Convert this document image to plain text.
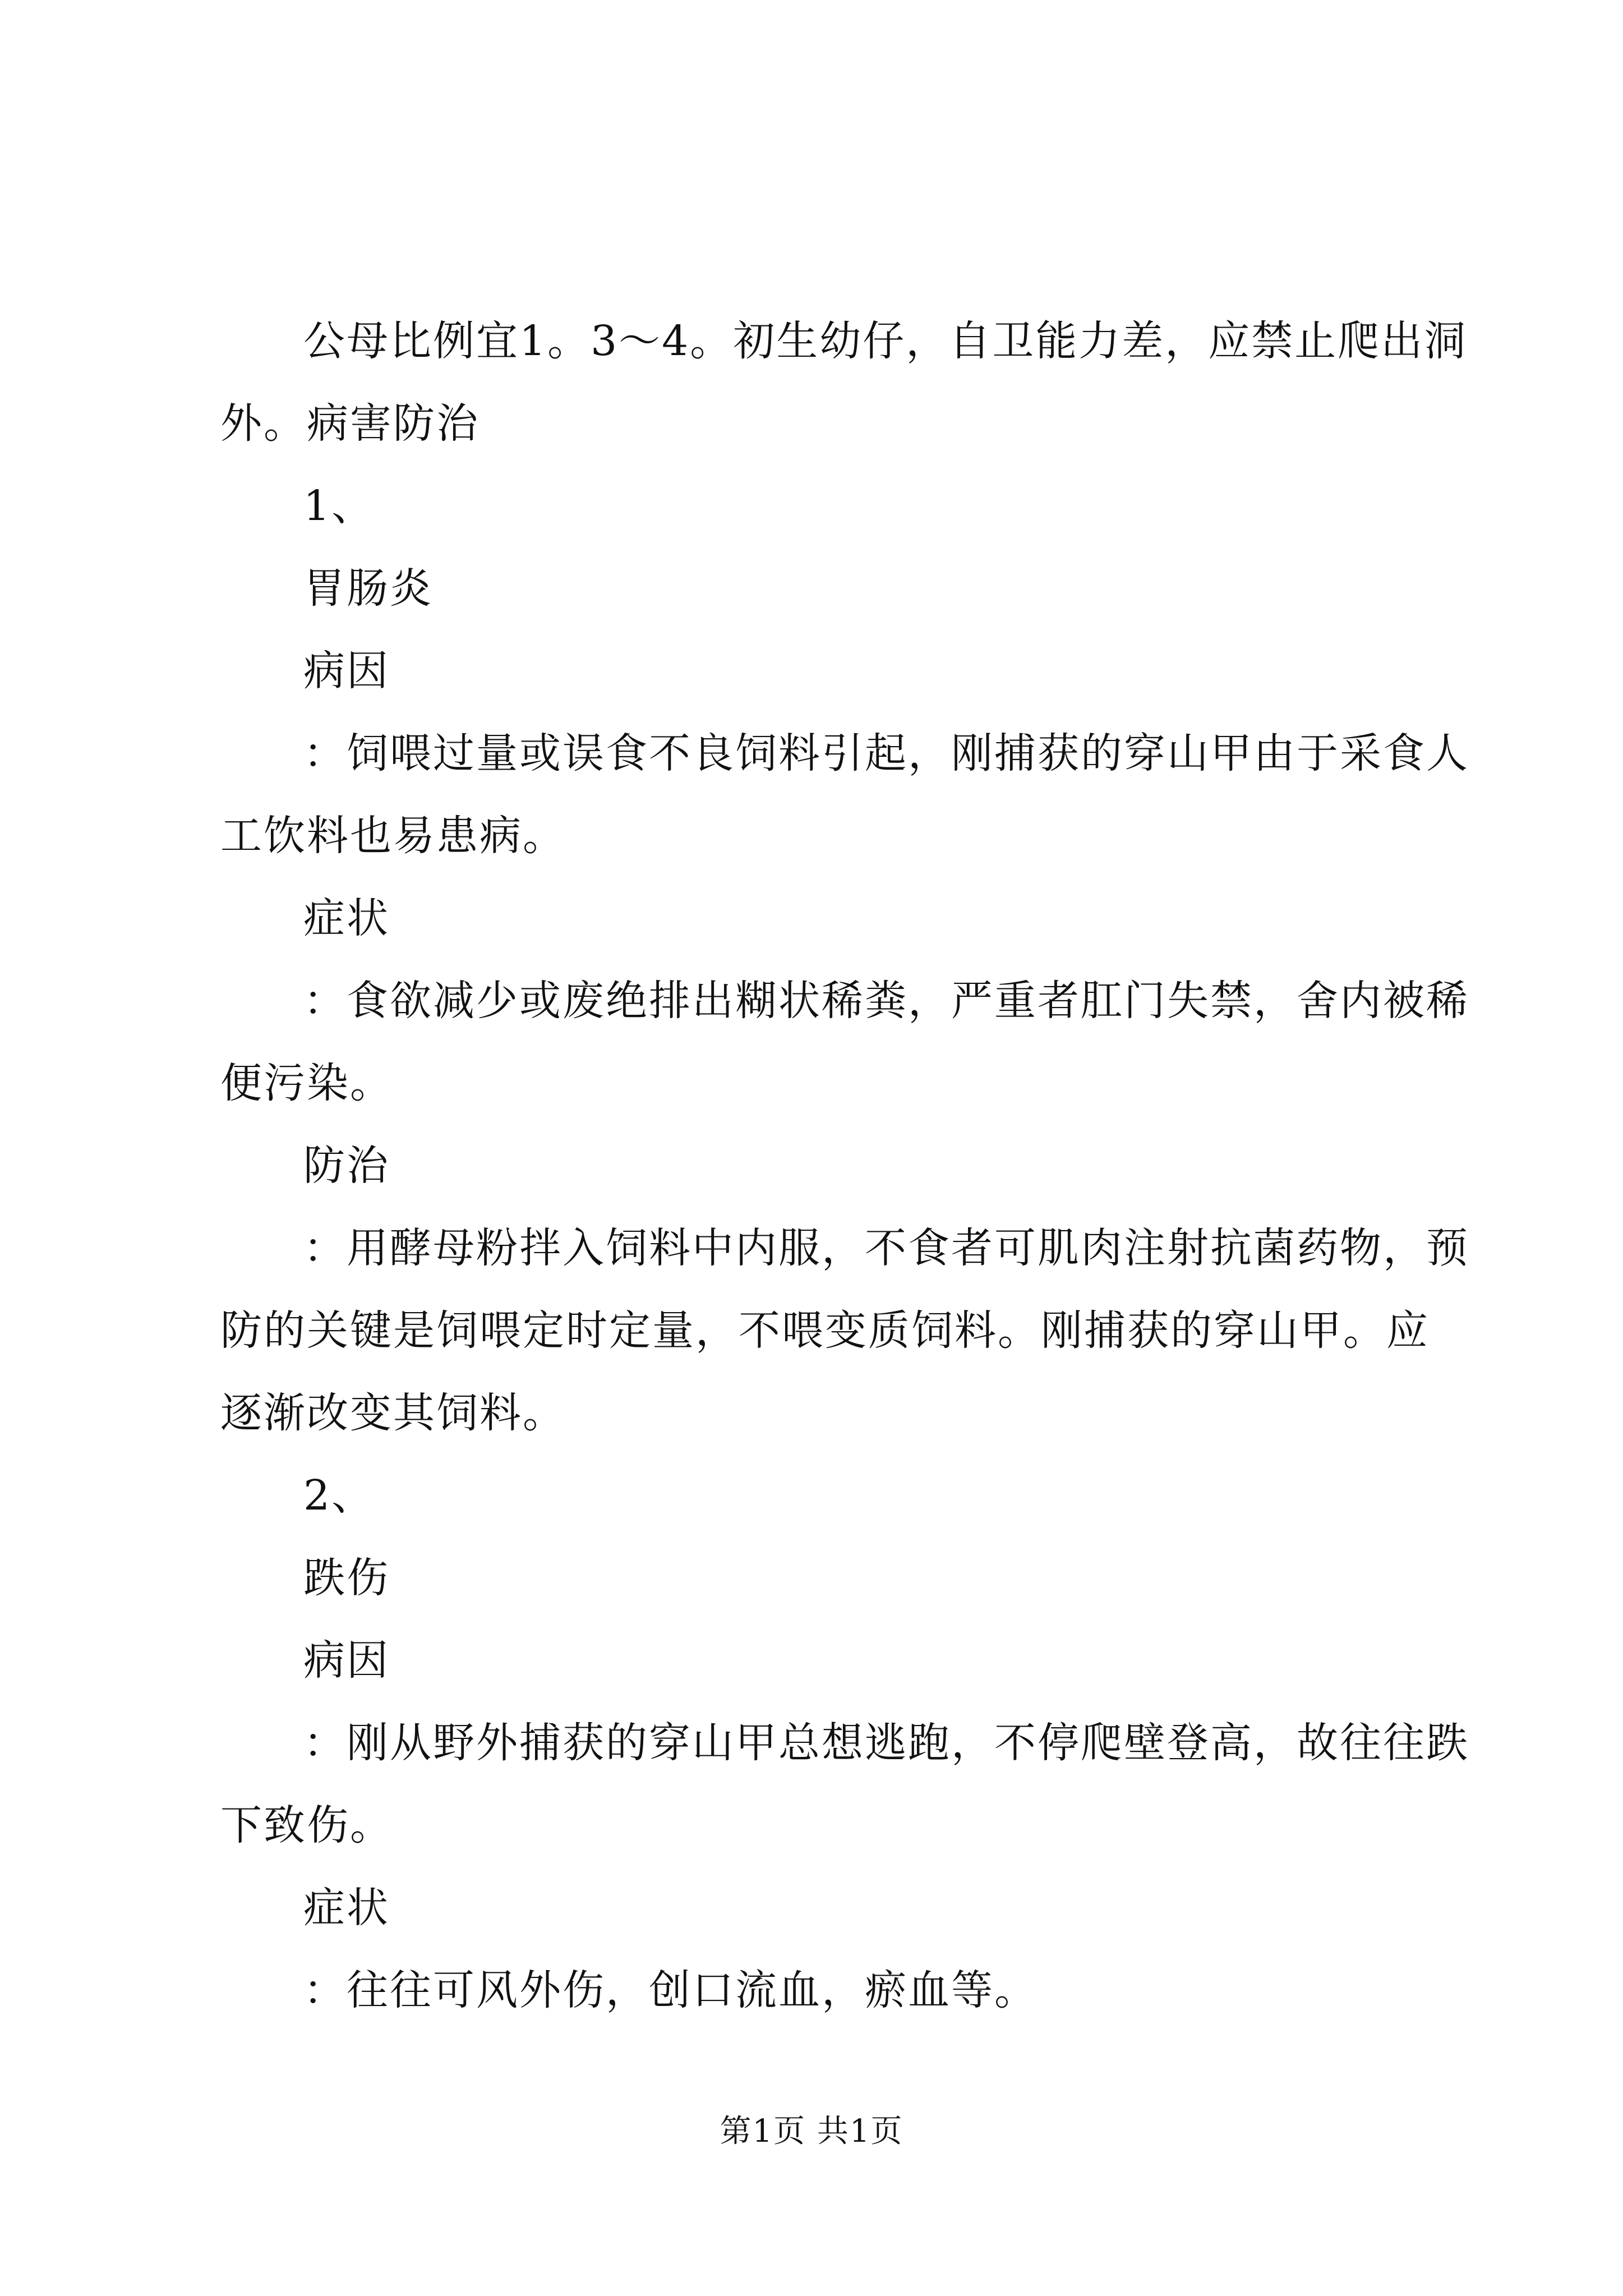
公母比例宜1。3～4。初生幼仔，自卫能力差，应禁止爬出洞外。病害防治

1、

胃肠炎

病因

：饲喂过量或误食不良饲料引起，刚捕获的穿山甲由于采食人工饮料也易患病。

症状

：食欲减少或废绝排出糊状稀粪，严重者肛门失禁，舍内被稀便污染。

防治

：用酵母粉拌入饲料中内服，不食者可肌肉注射抗菌药物，预防的关键是饲喂定时定量，不喂变质饲料。刚捕获的穿山甲。应逐渐改变其饲料。

2、

跌伤

病因

：刚从野外捕获的穿山甲总想逃跑，不停爬壁登高，故往往跌下致伤。

症状

：往往可风外伤，创口流血，瘀血等。

第1页 共1页
